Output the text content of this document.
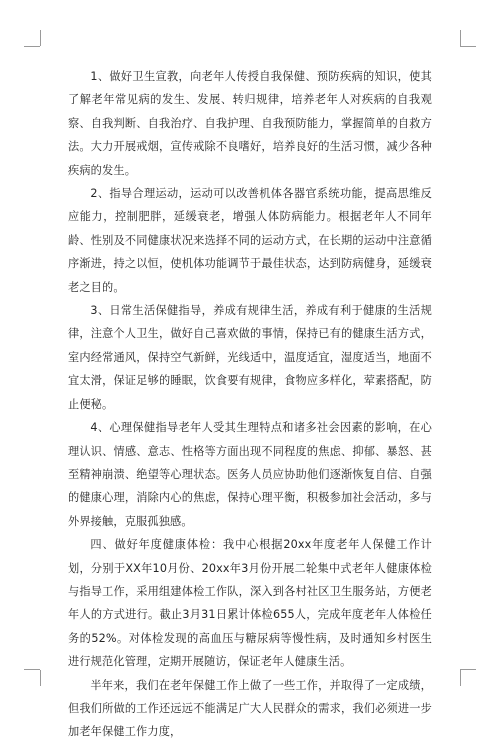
1、做好卫生宣教，向老年人传授自我保健、预防疾病的知识，使其了解老年常见病的发生、发展、转归规律，培养老年人对疾病的自我观察、自我判断、自我治疗、自我护理、自我预防能力，掌握简单的自救方法。大力开展戒烟，宣传戒除不良嗜好，培养良好的生活习惯，减少各种疾病的发生。

2、指导合理运动，运动可以改善机体各器官系统功能，提高思维反应能力，控制肥胖，延缓衰老，增强人体防病能力。根据老年人不同年龄、性别及不同健康状况来选择不同的运动方式，在长期的运动中注意循序渐进，持之以恒，使机体功能调节于最佳状态，达到防病健身，延缓衰老之目的。

3、日常生活保健指导，养成有规律生活，养成有利于健康的生活规律，注意个人卫生，做好自己喜欢做的事情，保持已有的健康生活方式，室内经常通风，保持空气新鲜，光线适中，温度适宜，湿度适当，地面不宜太滑，保证足够的睡眠，饮食要有规律，食物应多样化，荤素搭配，防止便秘。

4、心理保健指导老年人受其生理特点和诸多社会因素的影响，在心理认识、情感、意志、性格等方面出现不同程度的焦虑、抑郁、暴怒、甚至精神崩溃、绝望等心理状态。医务人员应协助他们逐渐恢复自信、自强的健康心理，消除内心的焦虑，保持心理平衡，积极参加社会活动，多与外界接触，克服孤独感。

四、做好年度健康体检：我中心根据20xx年度老年人保健工作计划，分别于XX年10月份、20xx年3月份开展二轮集中式老年人健康体检与指导工作，采用组建体检工作队，深入到各村社区卫生服务站，方便老年人的方式进行。截止3月31日累计体检655人，完成年度老年人体检任务的52%。对体检发现的高血压与糖尿病等慢性病，及时通知乡村医生进行规范化管理，定期开展随访，保证老年人健康生活。

半年来，我们在老年保健工作上做了一些工作，并取得了一定成绩，但我们所做的工作还远远不能满足广大人民群众的需求，我们必须进一步加老年保健工作力度，
